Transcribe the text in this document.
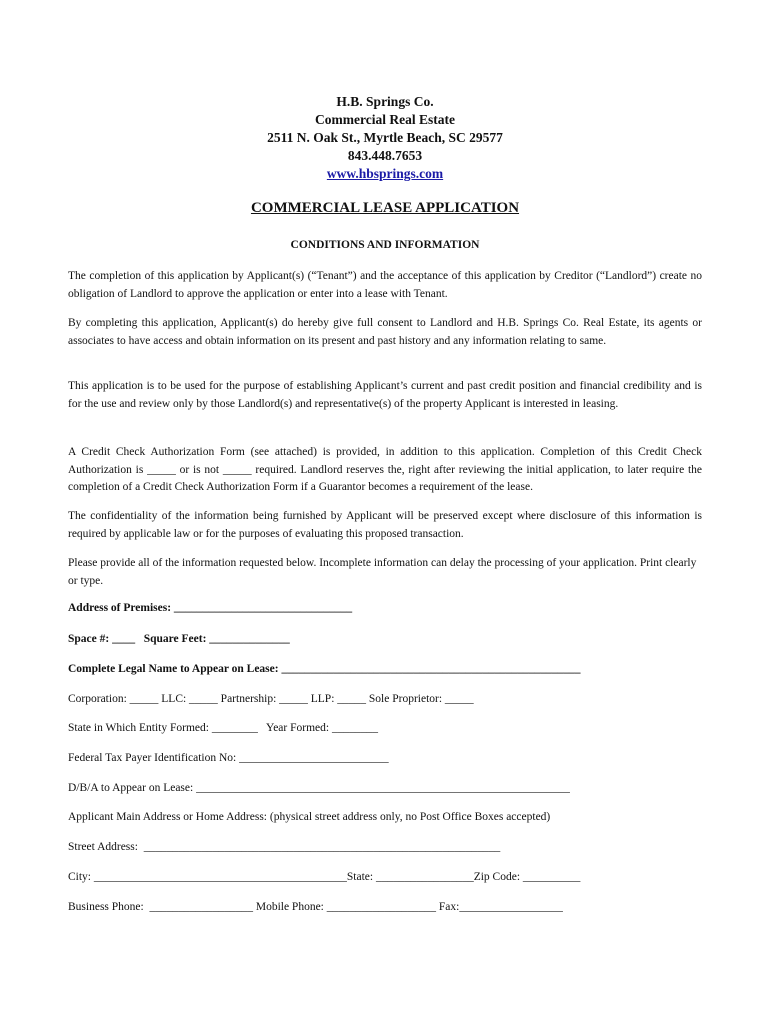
H.B. Springs Co.
Commercial Real Estate
2511 N. Oak St., Myrtle Beach, SC 29577
843.448.7653
www.hbsprings.com
COMMERCIAL LEASE APPLICATION
CONDITIONS AND INFORMATION
The completion of this application by Applicant(s) (“Tenant”) and the acceptance of this application by Creditor (“Landlord”) create no obligation of Landlord to approve the application or enter into a lease with Tenant.
By completing this application, Applicant(s) do hereby give full consent to Landlord and H.B. Springs Co. Real Estate, its agents or associates to have access and obtain information on its present and past history and any information relating to same.
This application is to be used for the purpose of establishing Applicant’s current and past credit position and financial credibility and is for the use and review only by those Landlord(s) and representative(s) of the property Applicant is interested in leasing.
A Credit Check Authorization Form (see attached) is provided, in addition to this application. Completion of this Credit Check Authorization is _____ or is not _____ required. Landlord reserves the, right after reviewing the initial application, to later require the completion of a Credit Check Authorization Form if a Guarantor becomes a requirement of the lease.
The confidentiality of the information being furnished by Applicant will be preserved except where disclosure of this information is required by applicable law or for the purposes of evaluating this proposed transaction.
Please provide all of the information requested below. Incomplete information can delay the processing of your application. Print clearly or type.
Address of Premises: _______________________________
Space #: ____   Square Feet: ______________
Complete Legal Name to Appear on Lease: ____________________________________________________
Corporation: _____ LLC: _____ Partnership: _____ LLP: _____ Sole Proprietor: _____
State in Which Entity Formed: ________   Year Formed: ________
Federal Tax Payer Identification No: __________________________
D/B/A to Appear on Lease: _________________________________________________________________
Applicant Main Address or Home Address: (physical street address only, no Post Office Boxes accepted)
Street Address:  ______________________________________________________________
City: ____________________________________________State: _________________Zip Code: __________
Business Phone:  __________________ Mobile Phone: ___________________ Fax:__________________
